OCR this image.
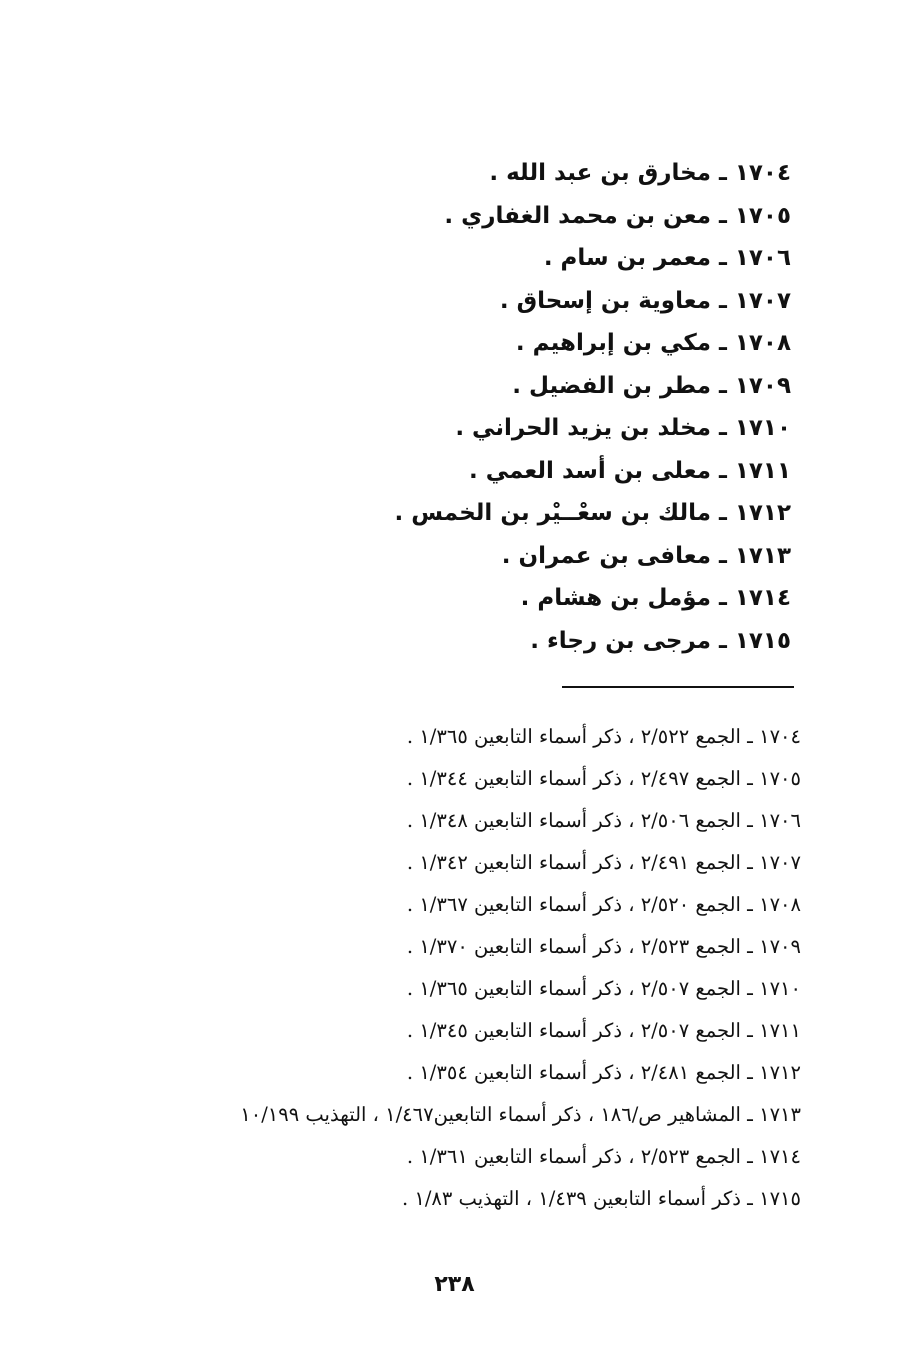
١٧٠٤ ـ مخارق بن عبد الله .
١٧٠٥ ـ معن بن محمد الغفاري .
١٧٠٦ ـ معمر بن سام .
١٧٠٧ ـ معاوية بن إسحاق .
١٧٠٨ ـ مكي بن إبراهيم .
١٧٠٩ ـ مطر بن الفضيل .
١٧١٠ ـ مخلد بن يزيد الحراني .
١٧١١ ـ معلى بن أسد العمي .
١٧١٢ ـ مالك بن سعْــيْر بن الخمس .
١٧١٣ ـ معافى بن عمران .
١٧١٤ ـ مؤمل بن هشام .
١٧١٥ ـ مرجى بن رجاء .
١٧٠٤ ـ الجمع ٢/٥٢٢ ، ذكر أسماء التابعين ١/٣٦٥ .
١٧٠٥ ـ الجمع ٢/٤٩٧ ، ذكر أسماء التابعين ١/٣٤٤ .
١٧٠٦ ـ الجمع ٢/٥٠٦ ، ذكر أسماء التابعين ١/٣٤٨ .
١٧٠٧ ـ الجمع ٢/٤٩١ ، ذكر أسماء التابعين ١/٣٤٢ .
١٧٠٨ ـ الجمع ٢/٥٢٠ ، ذكر أسماء التابعين ١/٣٦٧ .
١٧٠٩ ـ الجمع ٢/٥٢٣ ، ذكر أسماء التابعين ١/٣٧٠ .
١٧١٠ ـ الجمع ٢/٥٠٧ ، ذكر أسماء التابعين ١/٣٦٥ .
١٧١١ ـ الجمع ٢/٥٠٧ ، ذكر أسماء التابعين ١/٣٤٥ .
١٧١٢ ـ الجمع ٢/٤٨١ ، ذكر أسماء التابعين ١/٣٥٤ .
١٧١٣ ـ المشاهير ص/١٨٦ ، ذكر أسماء التابعين١/٤٦٧ ، التهذيب ١٠/١٩٩
١٧١٤ ـ الجمع ٢/٥٢٣ ، ذكر أسماء التابعين ١/٣٦١ .
١٧١٥ ـ ذكر أسماء التابعين ١/٤٣٩ ، التهذيب ١/٨٣ .
٢٣٨
